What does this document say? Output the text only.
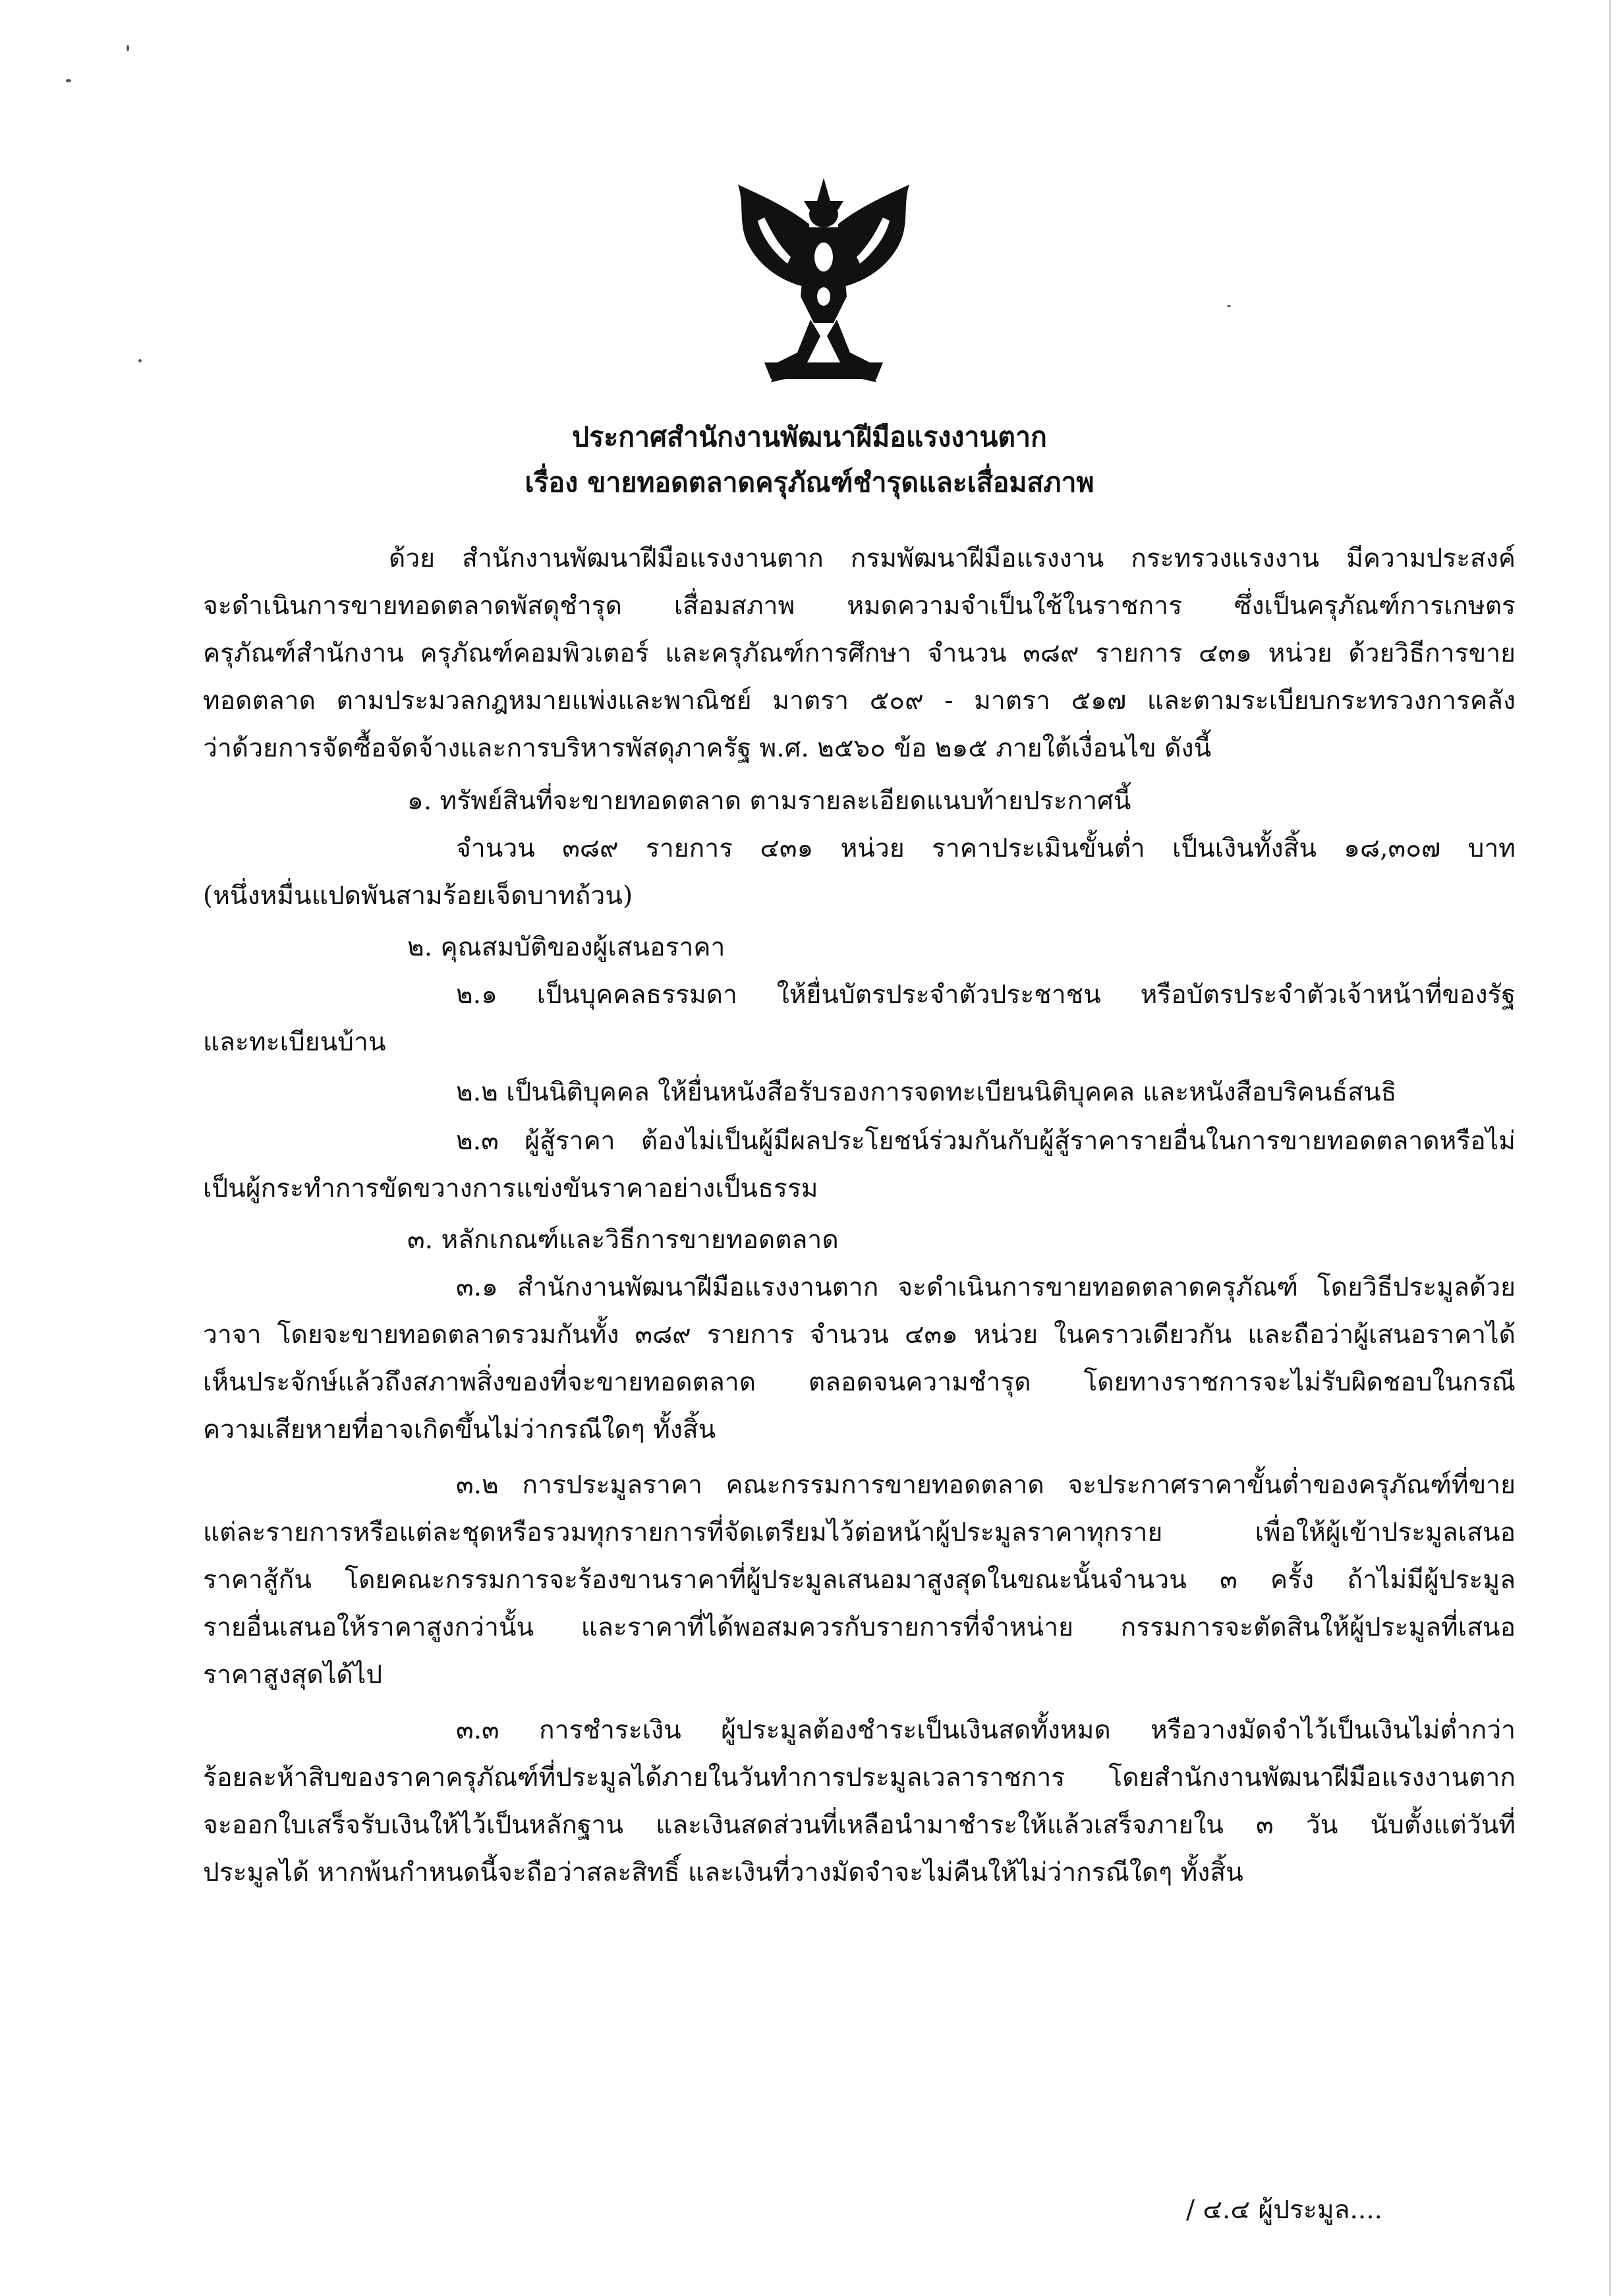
ประกาศสำนักงานพัฒนาฝีมือแรงงานตาก
เรื่อง ขายทอดตลาดครุภัณฑ์ชำรุดและเสื่อมสภาพ
ด้วย สำนักงานพัฒนาฝีมือแรงงานตาก กรมพัฒนาฝีมือแรงงาน กระทรวงแรงงาน มีความประสงค์
จะดำเนินการขายทอดตลาดพัสดุชำรุด เสื่อมสภาพ หมดความจำเป็นใช้ในราชการ ซึ่งเป็นครุภัณฑ์การเกษตร
ครุภัณฑ์สำนักงาน ครุภัณฑ์คอมพิวเตอร์ และครุภัณฑ์การศึกษา จำนวน ๓๘๙ รายการ ๔๓๑ หน่วย ด้วยวิธีการขาย
ทอดตลาด ตามประมวลกฎหมายแพ่งและพาณิชย์ มาตรา ๕๐๙ - มาตรา ๕๑๗ และตามระเบียบกระทรวงการคลัง
ว่าด้วยการจัดซื้อจัดจ้างและการบริหารพัสดุภาครัฐ พ.ศ. ๒๕๖๐ ข้อ ๒๑๕ ภายใต้เงื่อนไข ดังนี้
๑. ทรัพย์สินที่จะขายทอดตลาด ตามรายละเอียดแนบท้ายประกาศนี้
จำนวน ๓๘๙ รายการ ๔๓๑ หน่วย ราคาประเมินขั้นต่ำ เป็นเงินทั้งสิ้น ๑๘,๓๐๗ บาท
(หนึ่งหมื่นแปดพันสามร้อยเจ็ดบาทถ้วน)
๒. คุณสมบัติของผู้เสนอราคา
๒.๑ เป็นบุคคลธรรมดา ให้ยื่นบัตรประจำตัวประชาชน หรือบัตรประจำตัวเจ้าหน้าที่ของรัฐ
และทะเบียนบ้าน
๒.๒ เป็นนิติบุคคล ให้ยื่นหนังสือรับรองการจดทะเบียนนิติบุคคล และหนังสือบริคนธ์สนธิ
๒.๓ ผู้สู้ราคา ต้องไม่เป็นผู้มีผลประโยชน์ร่วมกันกับผู้สู้ราคารายอื่นในการขายทอดตลาดหรือไม่
เป็นผู้กระทำการขัดขวางการแข่งขันราคาอย่างเป็นธรรม
๓. หลักเกณฑ์และวิธีการขายทอดตลาด
๓.๑ สำนักงานพัฒนาฝีมือแรงงานตาก จะดำเนินการขายทอดตลาดครุภัณฑ์ โดยวิธีประมูลด้วย
วาจา โดยจะขายทอดตลาดรวมกันทั้ง ๓๘๙ รายการ จำนวน ๔๓๑ หน่วย ในคราวเดียวกัน และถือว่าผู้เสนอราคาได้
เห็นประจักษ์แล้วถึงสภาพสิ่งของที่จะขายทอดตลาด ตลอดจนความชำรุด โดยทางราชการจะไม่รับผิดชอบในกรณี
ความเสียหายที่อาจเกิดขึ้นไม่ว่ากรณีใดๆ ทั้งสิ้น
๓.๒ การประมูลราคา คณะกรรมการขายทอดตลาด จะประกาศราคาขั้นต่ำของครุภัณฑ์ที่ขาย
แต่ละรายการหรือแต่ละชุดหรือรวมทุกรายการที่จัดเตรียมไว้ต่อหน้าผู้ประมูลราคาทุกราย เพื่อให้ผู้เข้าประมูลเสนอ
ราคาสู้กัน โดยคณะกรรมการจะร้องขานราคาที่ผู้ประมูลเสนอมาสูงสุดในขณะนั้นจำนวน ๓ ครั้ง ถ้าไม่มีผู้ประมูล
รายอื่นเสนอให้ราคาสูงกว่านั้น และราคาที่ได้พอสมควรกับรายการที่จำหน่าย กรรมการจะตัดสินให้ผู้ประมูลที่เสนอ
ราคาสูงสุดได้ไป
๓.๓ การชำระเงิน ผู้ประมูลต้องชำระเป็นเงินสดทั้งหมด หรือวางมัดจำไว้เป็นเงินไม่ต่ำกว่า
ร้อยละห้าสิบของราคาครุภัณฑ์ที่ประมูลได้ภายในวันทำการประมูลเวลาราชการ โดยสำนักงานพัฒนาฝีมือแรงงานตาก
จะออกใบเสร็จรับเงินให้ไว้เป็นหลักฐาน และเงินสดส่วนที่เหลือนำมาชำระให้แล้วเสร็จภายใน ๓ วัน นับตั้งแต่วันที่
ประมูลได้ หากพ้นกำหนดนี้จะถือว่าสละสิทธิ์ และเงินที่วางมัดจำจะไม่คืนให้ไม่ว่ากรณีใดๆ ทั้งสิ้น
/ ๔.๔ ผู้ประมูล....
